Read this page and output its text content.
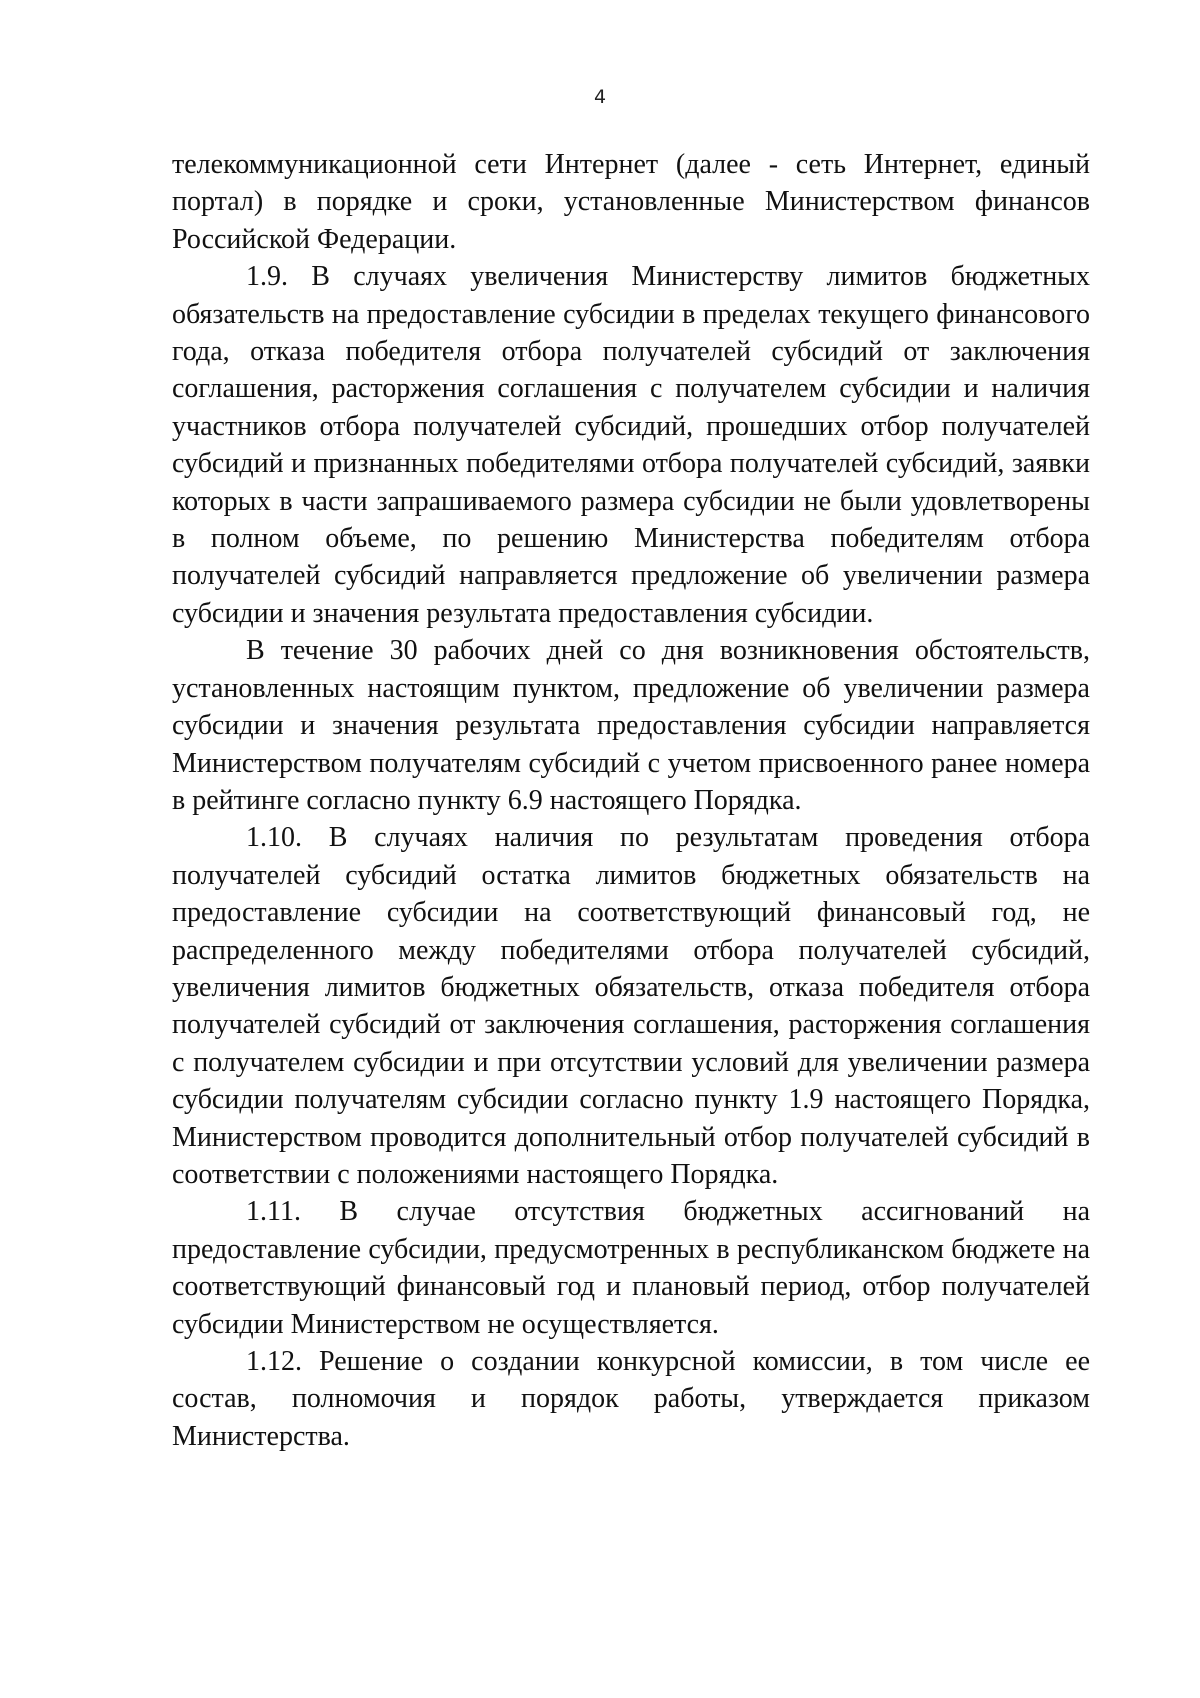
4

телекоммуникационной сети Интернет (далее - сеть Интернет, единый портал) в порядке и сроки, установленные Министерством финансов Российской Федерации.

1.9. В случаях увеличения Министерству лимитов бюджетных обязательств на предоставление субсидии в пределах текущего финансового года, отказа победителя отбора получателей субсидий от заключения соглашения, расторжения соглашения с получателем субсидии и наличия участников отбора получателей субсидий, прошедших отбор получателей субсидий и признанных победителями отбора получателей субсидий, заявки которых в части запрашиваемого размера субсидии не были удовлетворены в полном объеме, по решению Министерства победителям отбора получателей субсидий направляется предложение об увеличении размера субсидии и значения результата предоставления субсидии.

В течение 30 рабочих дней со дня возникновения обстоятельств, установленных настоящим пунктом, предложение об увеличении размера субсидии и значения результата предоставления субсидии направляется Министерством получателям субсидий с учетом присвоенного ранее номера в рейтинге согласно пункту 6.9 настоящего Порядка.

1.10. В случаях наличия по результатам проведения отбора получателей субсидий остатка лимитов бюджетных обязательств на предоставление субсидии на соответствующий финансовый год, не распределенного между победителями отбора получателей субсидий, увеличения лимитов бюджетных обязательств, отказа победителя отбора получателей субсидий от заключения соглашения, расторжения соглашения с получателем субсидии и при отсутствии условий для увеличении размера субсидии получателям субсидии согласно пункту 1.9 настоящего Порядка, Министерством проводится дополнительный отбор получателей субсидий в соответствии с положениями настоящего Порядка.

1.11. В случае отсутствия бюджетных ассигнований на предоставление субсидии, предусмотренных в республиканском бюджете на соответствующий финансовый год и плановый период, отбор получателей субсидии Министерством не осуществляется.

1.12. Решение о создании конкурсной комиссии, в том числе ее состав, полномочия и порядок работы, утверждается приказом Министерства.
